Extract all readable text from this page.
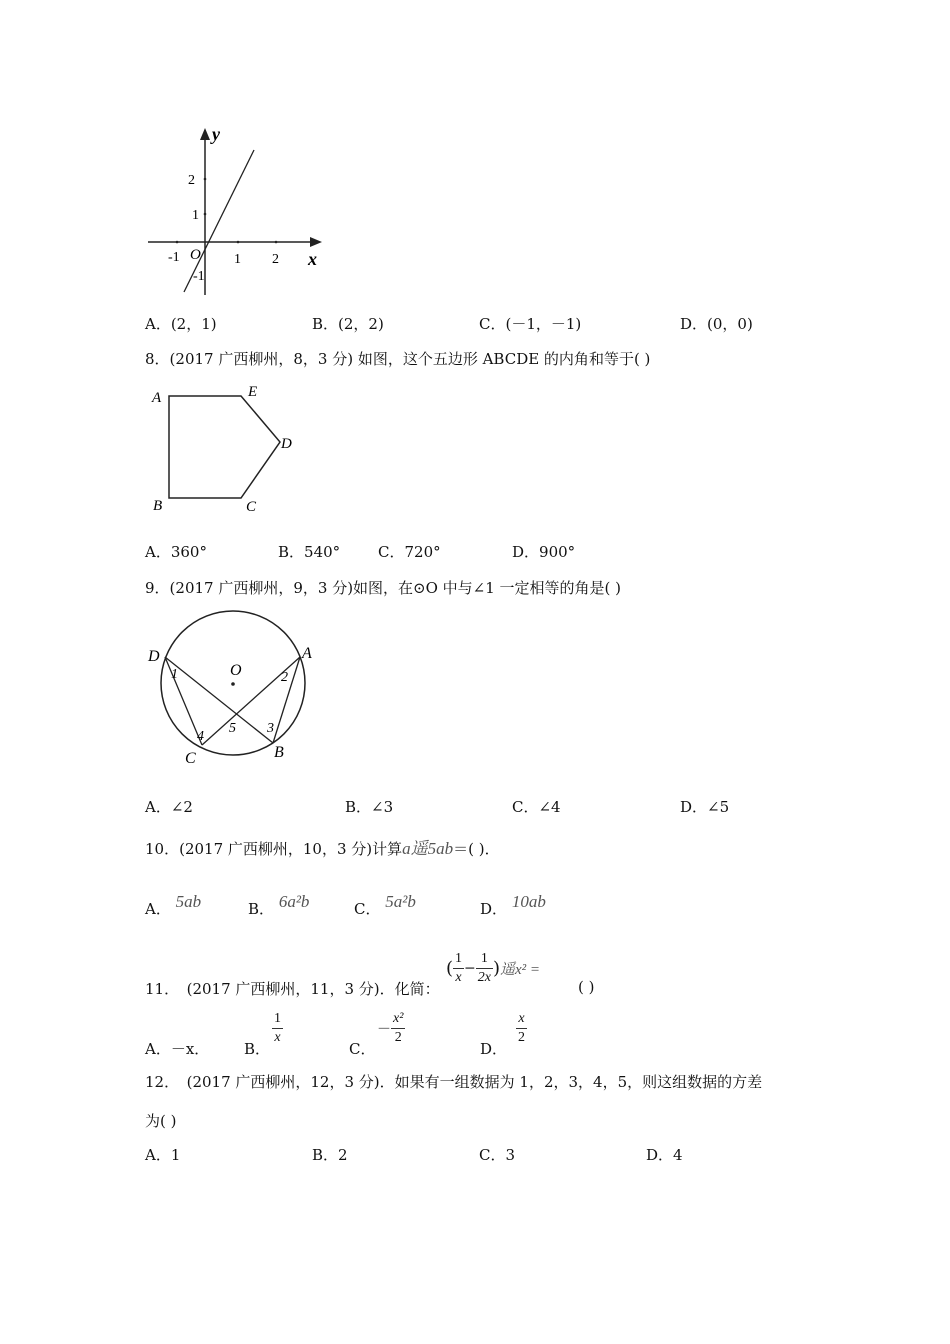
y
x
O
2
1
-1
-1	1 2
A．(2，1)	B．(2，2)	C．(－1，－1)	D．(0，0)
8．(2017 广西柳州，8，3 分) 如图，这个五边形 ABCDE 的内角和等于( )
A
B	C
D
E
A．360°	B．540°	C．720°	D．900°
9．(2017 广西柳州，9，3 分)如图，在⊙O 中与∠1 一定相等的角是( )
D	A
O
1	2
5
4
3
C	B
A．∠2	B．∠3	C．∠4	D．∠5
10．(2017 广西柳州，10，3 分)计算a遥5ab＝( )．
A． 5ab	B． 6a²b	C． 5a²b	D． 10ab
11．　(2017 广西柳州，11，3 分)．化简：
( $\frac{1}{x} - \frac{1}{2x}$ )遥x² =
( )
A．－x． B．
$\frac{1}{x}$
C．
－ $\frac{\text{x²}}{2}$
D．
$\frac{x}{2}$
12．　(2017 广西柳州，12，3 分)．如果有一组数据为 1，2，3，4，5，则这组数据的方差
为( )
A．1	B．2	C．3	D．4
